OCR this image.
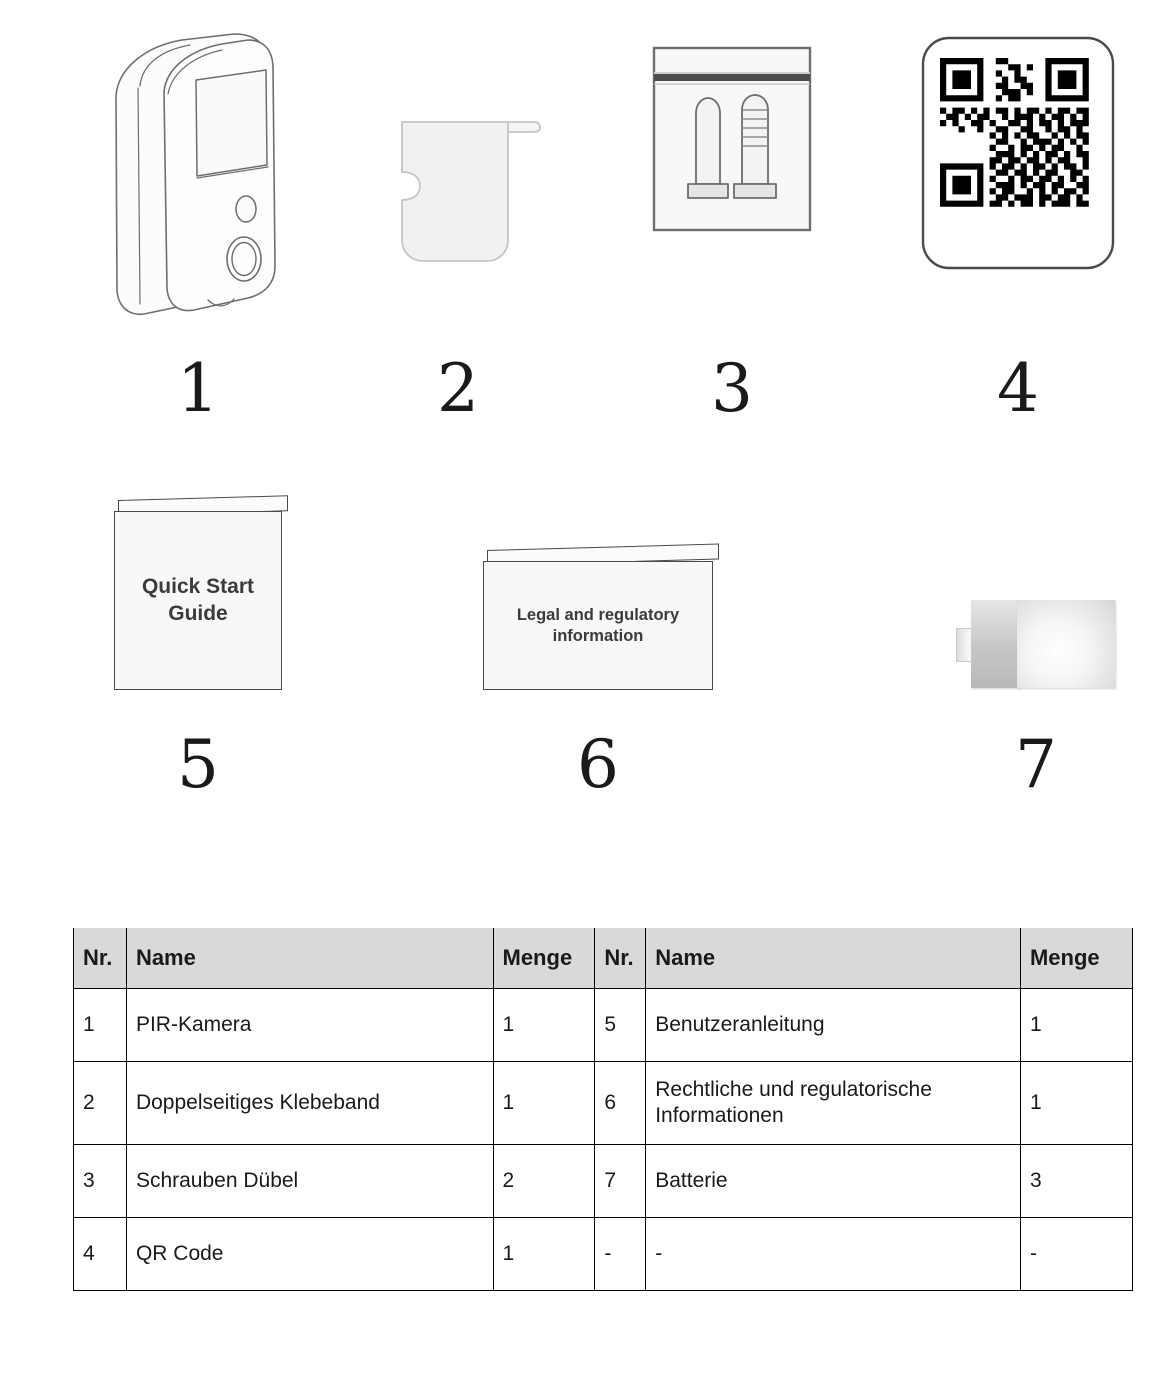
1	2	3	4
Quick Start
Guide
5
Legal and regulatory
information
6	7
Nr.	Name	Menge	Nr.	Name	Menge
1	PIR-Kamera	1	5	Benutzeranleitung	1
2	Doppelseitiges Klebeband	1	6	Rechtliche und regulatorische Informationen	1
3	Schrauben Dübel	2	7	Batterie	3
4	QR Code	1	-	-	-
